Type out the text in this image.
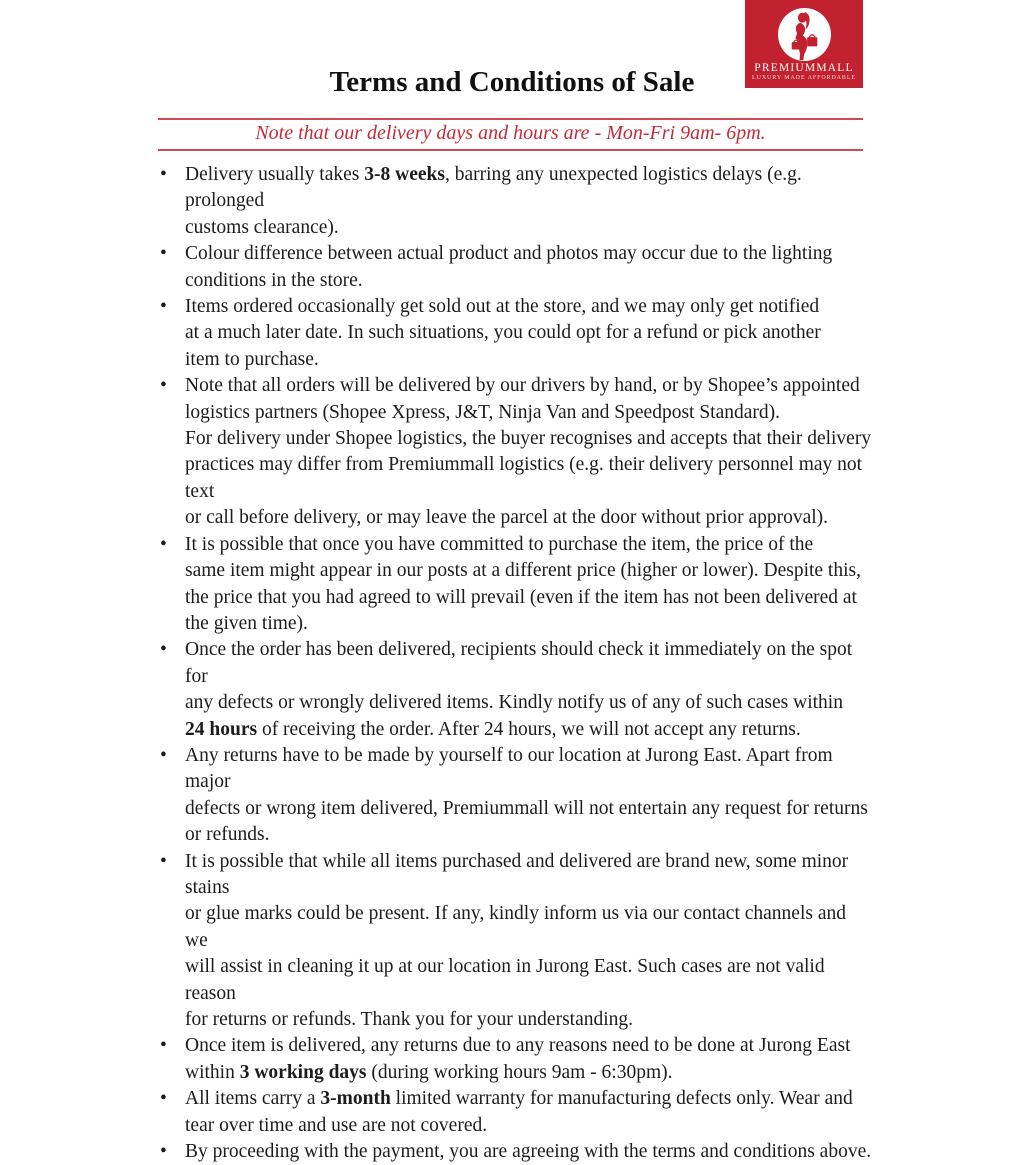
PREMIUMMALL
LUXURY MADE AFFORDABLE
Terms and Conditions of Sale
Note that our delivery days and hours are - Mon-Fri 9am- 6pm.
• Delivery usually takes 3-8 weeks, barring any unexpected logistics delays (e.g. prolonged
customs clearance).
• Colour difference between actual product and photos may occur due to the lighting
conditions in the store.
• Items ordered occasionally get sold out at the store, and we may only get notified
at a much later date. In such situations, you could opt for a refund or pick another
item to purchase.
• Note that all orders will be delivered by our drivers by hand, or by Shopee’s appointed
logistics partners (Shopee Xpress, J&T, Ninja Van and Speedpost Standard).
For delivery under Shopee logistics, the buyer recognises and accepts that their delivery
practices may differ from Premiummall logistics (e.g. their delivery personnel may not text
or call before delivery, or may leave the parcel at the door without prior approval).
• It is possible that once you have committed to purchase the item, the price of the
same item might appear in our posts at a different price (higher or lower). Despite this,
the price that you had agreed to will prevail (even if the item has not been delivered at
the given time).
• Once the order has been delivered, recipients should check it immediately on the spot for
any defects or wrongly delivered items. Kindly notify us of any of such cases within
24 hours of receiving the order. After 24 hours, we will not accept any returns.
• Any returns have to be made by yourself to our location at Jurong East. Apart from major
defects or wrong item delivered, Premiummall will not entertain any request for returns
or refunds.
• It is possible that while all items purchased and delivered are brand new, some minor stains
or glue marks could be present. If any, kindly inform us via our contact channels and we
will assist in cleaning it up at our location in Jurong East. Such cases are not valid reason
for returns or refunds. Thank you for your understanding.
• Once item is delivered, any returns due to any reasons need to be done at Jurong East
within 3 working days (during working hours 9am - 6:30pm).
• All items carry a 3-month limited warranty for manufacturing defects only. Wear and
tear over time and use are not covered.
• By proceeding with the payment, you are agreeing with the terms and conditions above.
